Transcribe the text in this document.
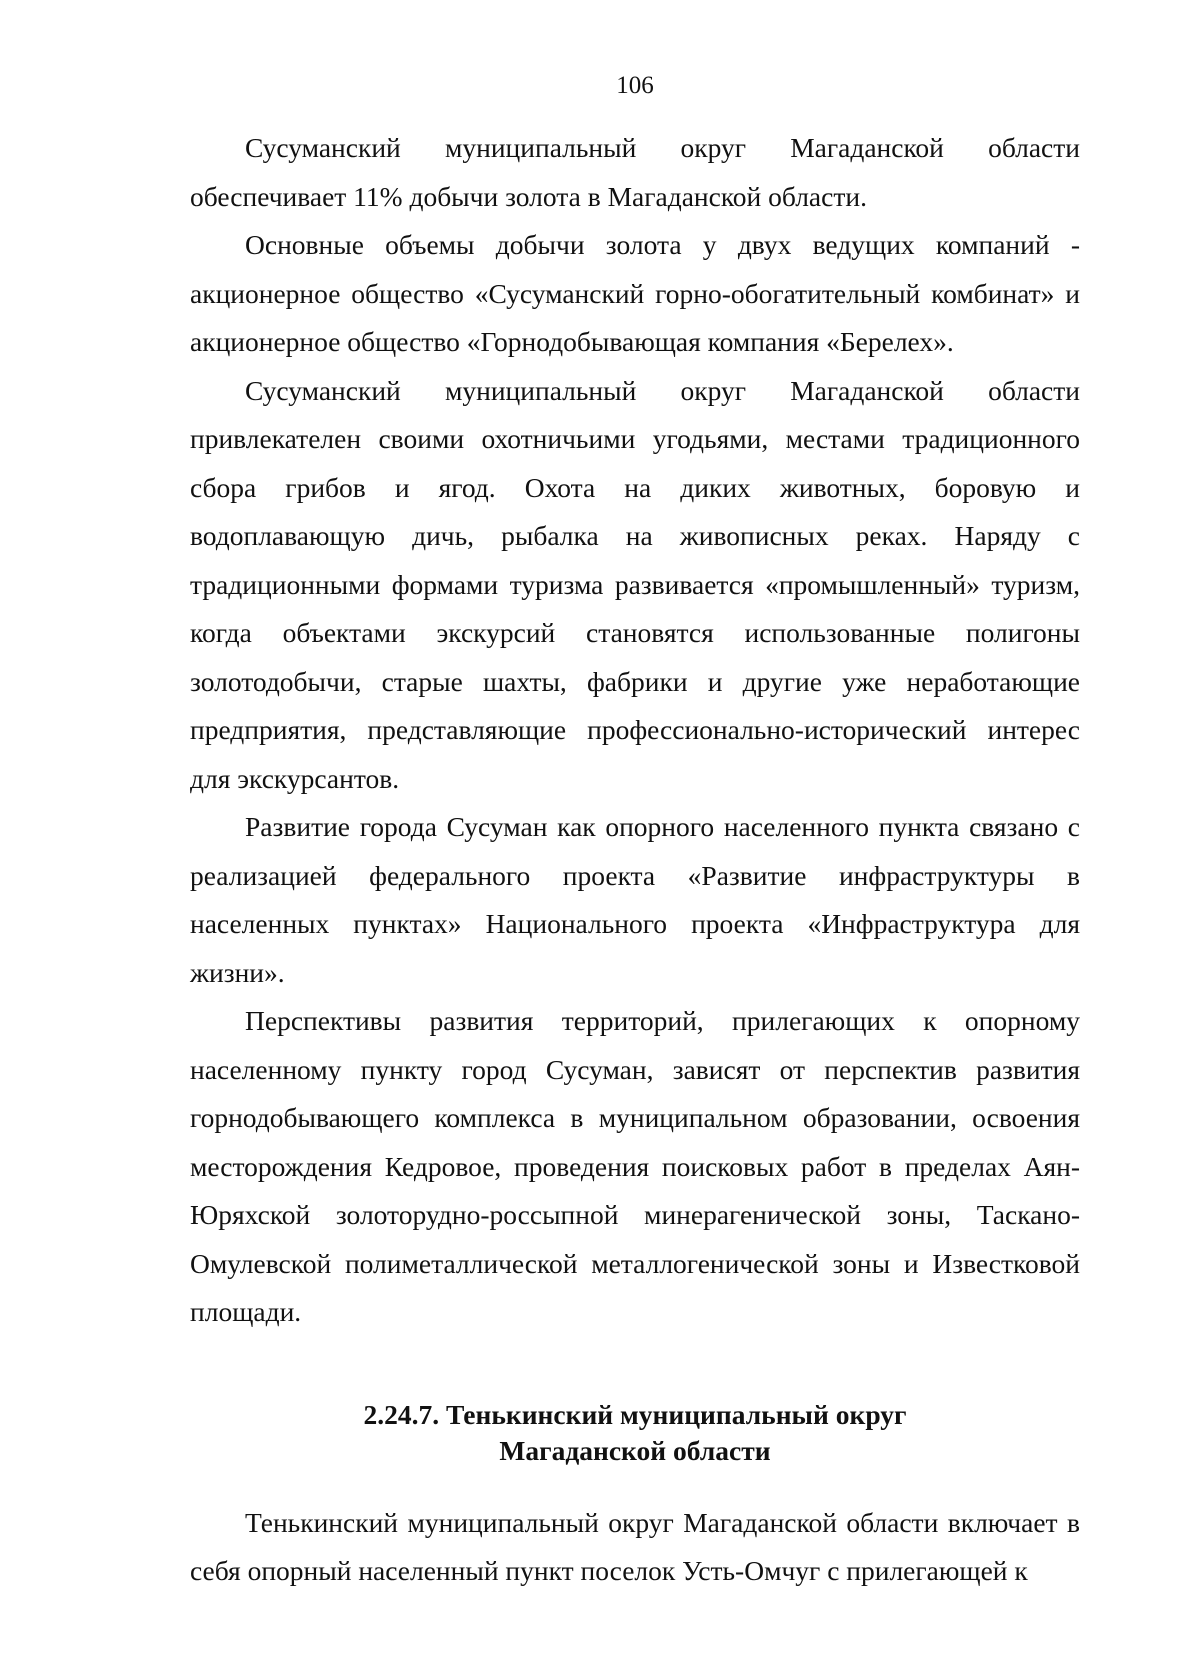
106

Сусуманский муниципальный округ Магаданской области обеспечивает 11% добычи золота в Магаданской области.

Основные объемы добычи золота у двух ведущих компаний - акционерное общество «Сусуманский горно-обогатительный комбинат» и акционерное общество «Горнодобывающая компания «Берелех».

Сусуманский муниципальный округ Магаданской области привлекателен своими охотничьими угодьями, местами традиционного сбора грибов и ягод. Охота на диких животных, боровую и водоплавающую дичь, рыбалка на живописных реках. Наряду с традиционными формами туризма развивается «промышленный» туризм, когда объектами экскурсий становятся использованные полигоны золотодобычи, старые шахты, фабрики и другие уже неработающие предприятия, представляющие профессионально-исторический интерес для экскурсантов.

Развитие города Сусуман как опорного населенного пункта связано с реализацией федерального проекта «Развитие инфраструктуры в населенных пунктах» Национального проекта «Инфраструктура для жизни».

Перспективы развития территорий, прилегающих к опорному населенному пункту город Сусуман, зависят от перспектив развития горнодобывающего комплекса в муниципальном образовании, освоения месторождения Кедровое, проведения поисковых работ в пределах Аян-Юряхской золоторудно-россыпной минерагенической зоны, Таскано-Омулевской полиметаллической металлогенической зоны и Известковой площади.

2.24.7. Тенькинский муниципальный округ
Магаданской области

Тенькинский муниципальный округ Магаданской области включает в себя опорный населенный пункт поселок Усть-Омчуг с прилегающей к
